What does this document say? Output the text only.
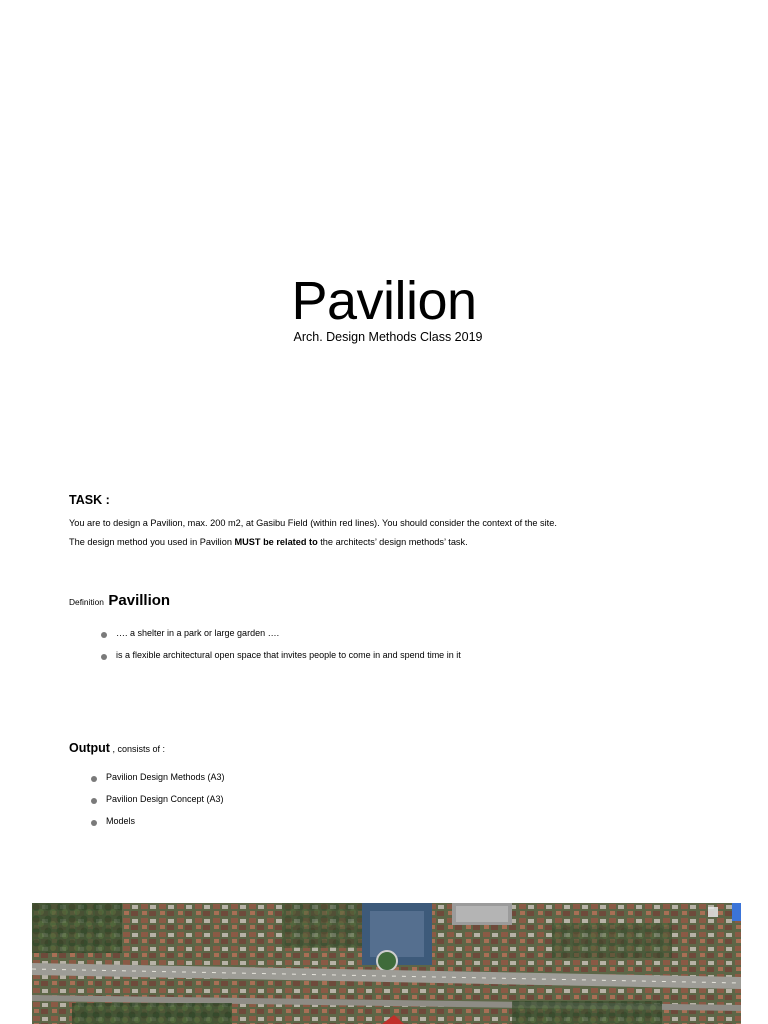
Pavilion
Arch. Design Methods Class 2019
TASK :
You are to design a Pavilion, max. 200 m2, at Gasibu Field (within red lines). You should consider the context of the site.
The design method you used in Pavilion MUST be related to the architects’ design methods’ task.
Definition Pavillion
…. a shelter in a park or large garden ….
is a flexible architectural open space that invites people to come in and spend time in it
Output , consists of :
Pavilion Design Methods (A3)
Pavilion Design Concept (A3)
Models
